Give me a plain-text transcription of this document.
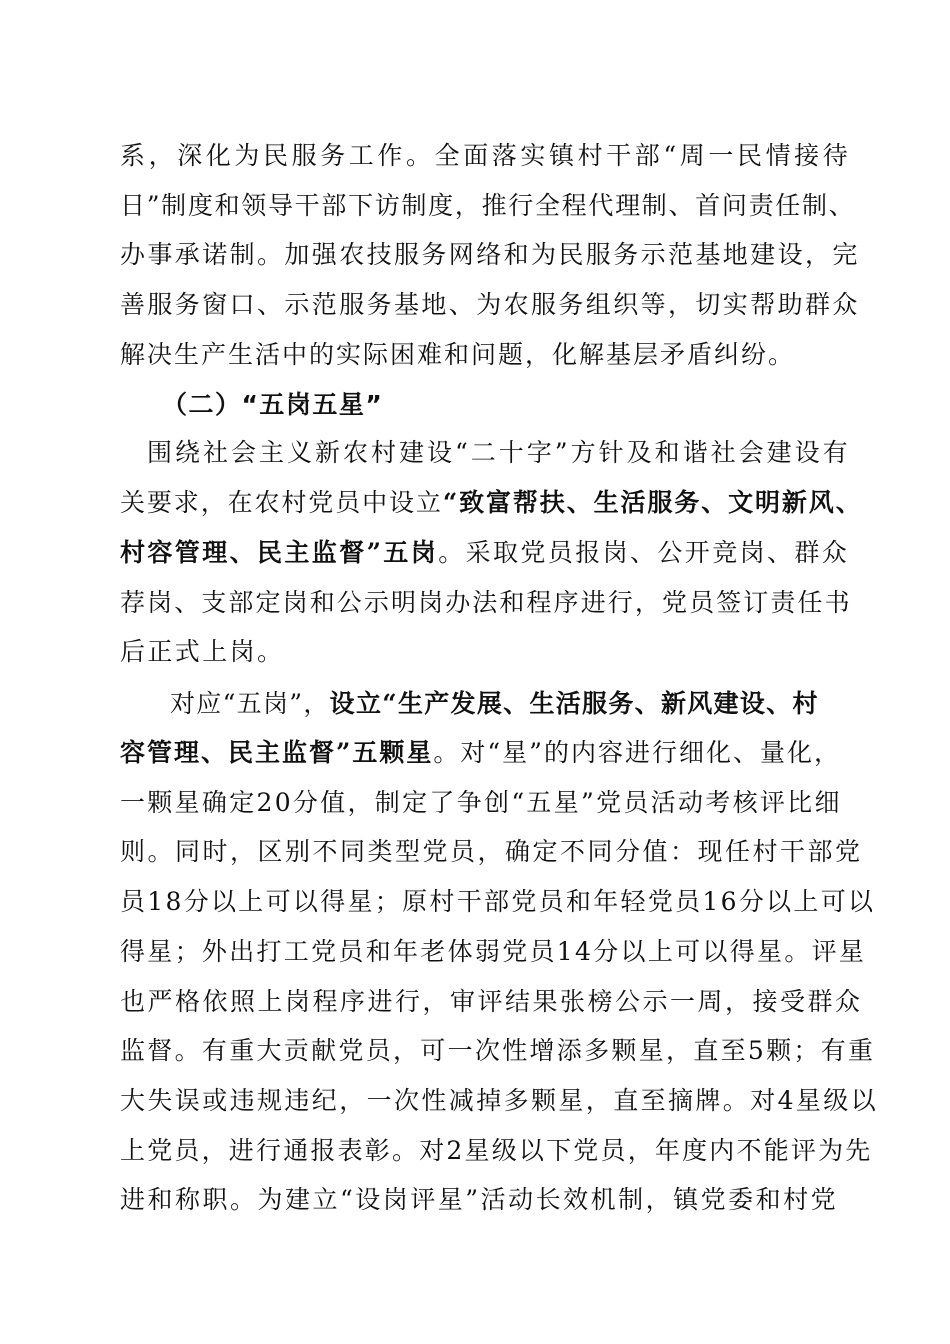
系，深化为民服务工作。全面落实镇村干部“周一民情接待
日”制度和领导干部下访制度，推行全程代理制、首问责任制、
办事承诺制。加强农技服务网络和为民服务示范基地建设，完
善服务窗口、示范服务基地、为农服务组织等，切实帮助群众
解决生产生活中的实际困难和问题，化解基层矛盾纠纷。
（二）“五岗五星”
围绕社会主义新农村建设“二十字”方针及和谐社会建设有
关要求，在农村党员中设立“致富帮扶、生活服务、文明新风、
村容管理、民主监督”五岗。采取党员报岗、公开竞岗、群众
荐岗、支部定岗和公示明岗办法和程序进行，党员签订责任书
后正式上岗。
对应“五岗”，设立“生产发展、生活服务、新风建设、村
容管理、民主监督”五颗星。对“星”的内容进行细化、量化，
一颗星确定20分值，制定了争创“五星”党员活动考核评比细
则。同时，区别不同类型党员，确定不同分值：现任村干部党
员18分以上可以得星；原村干部党员和年轻党员16分以上可以
得星；外出打工党员和年老体弱党员14分以上可以得星。评星
也严格依照上岗程序进行，审评结果张榜公示一周，接受群众
监督。有重大贡献党员，可一次性增添多颗星，直至5颗；有重
大失误或违规违纪，一次性减掉多颗星，直至摘牌。对4星级以
上党员，进行通报表彰。对2星级以下党员，年度内不能评为先
进和称职。为建立“设岗评星”活动长效机制，镇党委和村党
